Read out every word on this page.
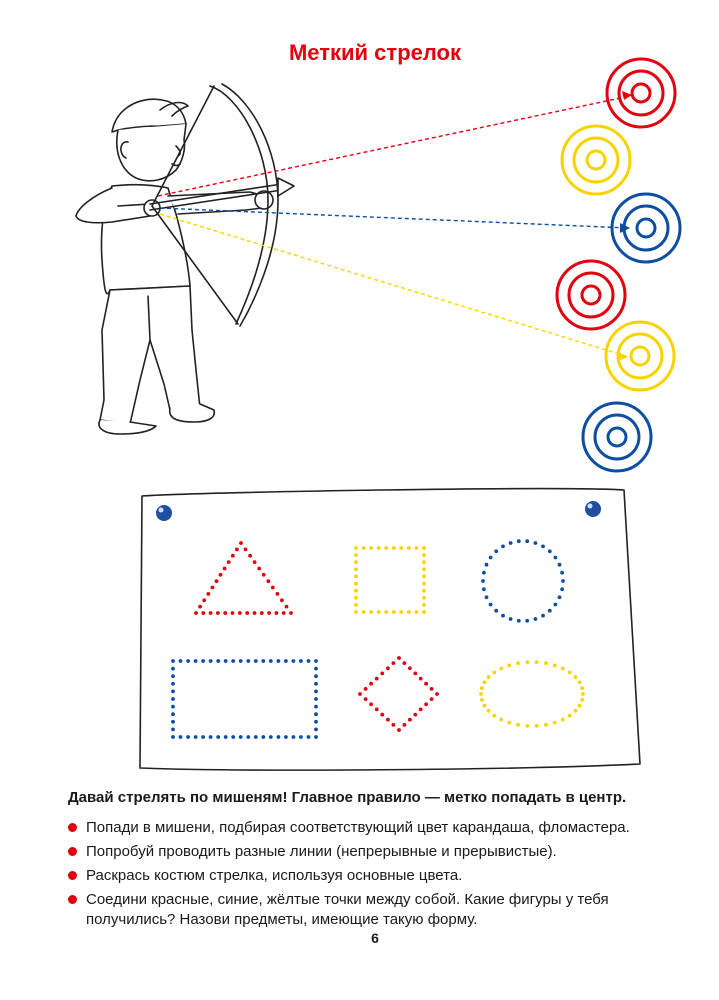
Меткий стрелок

Давай стрелять по мишеням! Главное правило — метко попадать в центр.

Попади в мишени, подбирая соответствующий цвет карандаша, фломастера.
Попробуй проводить разные линии (непрерывные и прерывистые).
Раскрась костюм стрелка, используя основные цвета.
Соедини красные, синие, жёлтые точки между собой. Какие фигуры у тебя получились? Назови предметы, имеющие такую форму.
6
